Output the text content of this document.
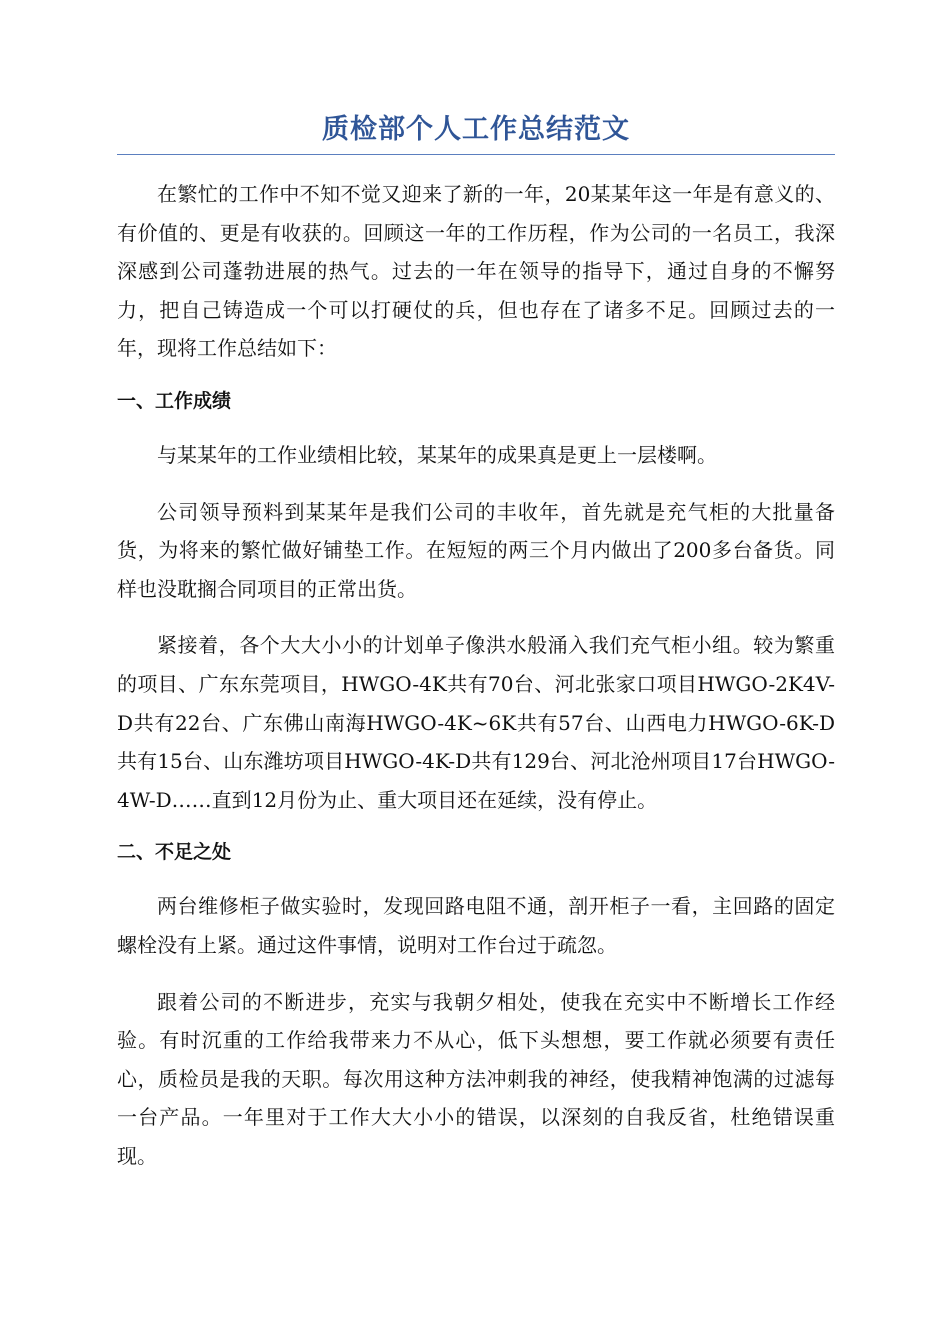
质检部个人工作总结范文

在繁忙的工作中不知不觉又迎来了新的一年，20某某年这一年是有意义的、有价值的、更是有收获的。回顾这一年的工作历程，作为公司的一名员工，我深深感到公司蓬勃进展的热气。过去的一年在领导的指导下，通过自身的不懈努力，把自己铸造成一个可以打硬仗的兵，但也存在了诸多不足。回顾过去的一年，现将工作总结如下：

一、工作成绩

与某某年的工作业绩相比较，某某年的成果真是更上一层楼啊。

公司领导预料到某某年是我们公司的丰收年，首先就是充气柜的大批量备货，为将来的繁忙做好铺垫工作。在短短的两三个月内做出了200多台备货。同样也没耽搁合同项目的正常出货。

紧接着，各个大大小小的计划单子像洪水般涌入我们充气柜小组。较为繁重的项目、广东东莞项目，HWGO-4K共有70台、河北张家口项目HWGO-2K4V-D共有22台、广东佛山南海HWGO-4K~6K共有57台、山西电力HWGO-6K-D共有15台、山东潍坊项目HWGO-4K-D共有129台、河北沧州项目17台HWGO-4W-D……直到12月份为止、重大项目还在延续，没有停止。

二、不足之处

两台维修柜子做实验时，发现回路电阻不通，剖开柜子一看，主回路的固定螺栓没有上紧。通过这件事情，说明对工作台过于疏忽。

跟着公司的不断进步，充实与我朝夕相处，使我在充实中不断增长工作经验。有时沉重的工作给我带来力不从心，低下头想想，要工作就必须要有责任心，质检员是我的天职。每次用这种方法冲刺我的神经，使我精神饱满的过滤每一台产品。一年里对于工作大大小小的错误，以深刻的自我反省，杜绝错误重现。
